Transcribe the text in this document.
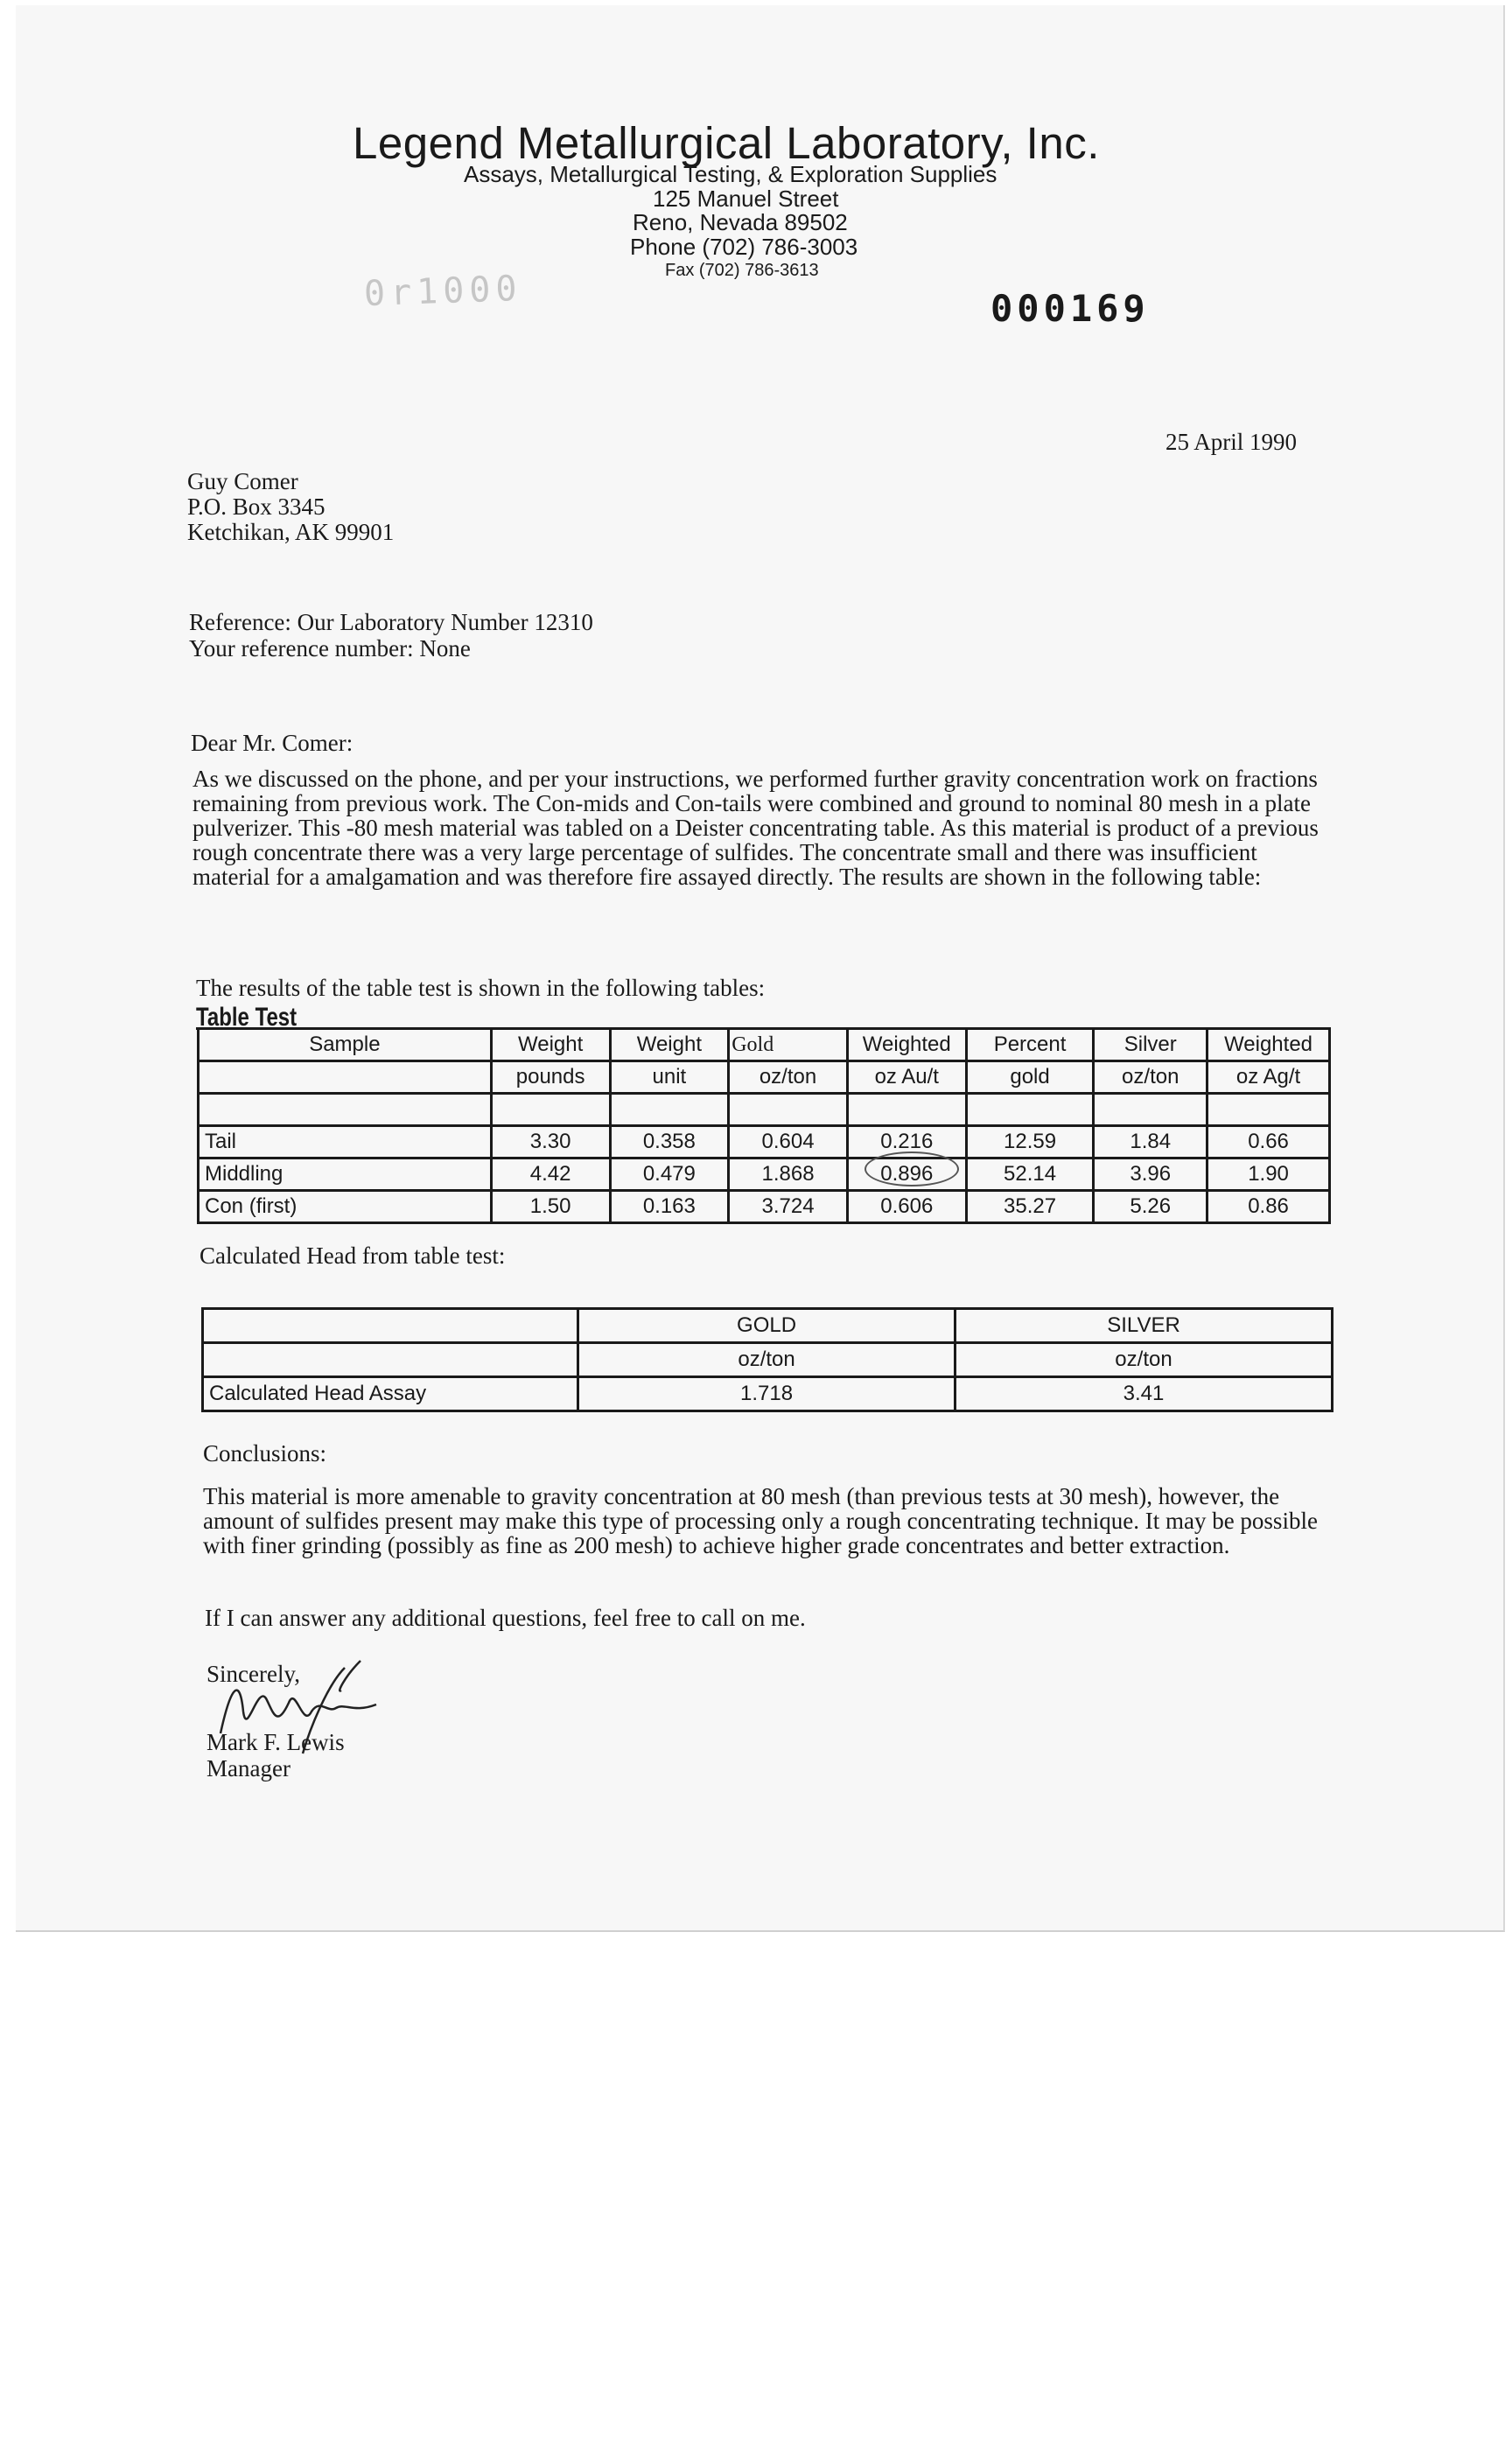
Legend Metallurgical Laboratory, Inc.
Assays, Metallurgical Testing, & Exploration Supplies
125 Manuel Street
Reno, Nevada 89502
Phone (702) 786-3003
Fax (702) 786-3613
0r1000	000169
25 April 1990
Guy Comer
P.O. Box 3345
Ketchikan, AK 99901
Reference: Our Laboratory Number 12310
Your reference number: None
Dear Mr. Comer:

As we discussed on the phone, and per your instructions, we performed further gravity concentration work on fractions remaining from previous work. The Con-mids and Con-tails were combined and ground to nominal 80 mesh in a plate pulverizer. This -80 mesh material was tabled on a Deister concentrating table. As this material is product of a previous rough concentrate there was a very large percentage of sulfides. The concentrate small and there was insufficient material for a amalgamation and was therefore fire assayed directly. The results are shown in the following table:

The results of the table test is shown in the following tables:
Table Test
Sample	Weight	Weight	Gold	Weighted	Percent	Silver	Weighted
	pounds	unit	oz/ton	oz Au/t	gold	oz/ton	oz Ag/t

Tail	3.30	0.358	0.604	0.216	12.59	1.84	0.66
Middling	4.42	0.479	1.868	0.896	52.14	3.96	1.90
Con (first)	1.50	0.163	3.724	0.606	35.27	5.26	0.86
Calculated Head from table test:
	GOLD	SILVER
	oz/ton	oz/ton
Calculated Head Assay	1.718	3.41
Conclusions:

This material is more amenable to gravity concentration at 80 mesh (than previous tests at 30 mesh), however, the amount of sulfides present may make this type of processing only a rough concentrating technique. It may be possible with finer grinding (possibly as fine as 200 mesh) to achieve higher grade concentrates and better extraction.

If I can answer any additional questions, feel free to call on me.
Sincerely,
Mark F. Lewis
Manager
